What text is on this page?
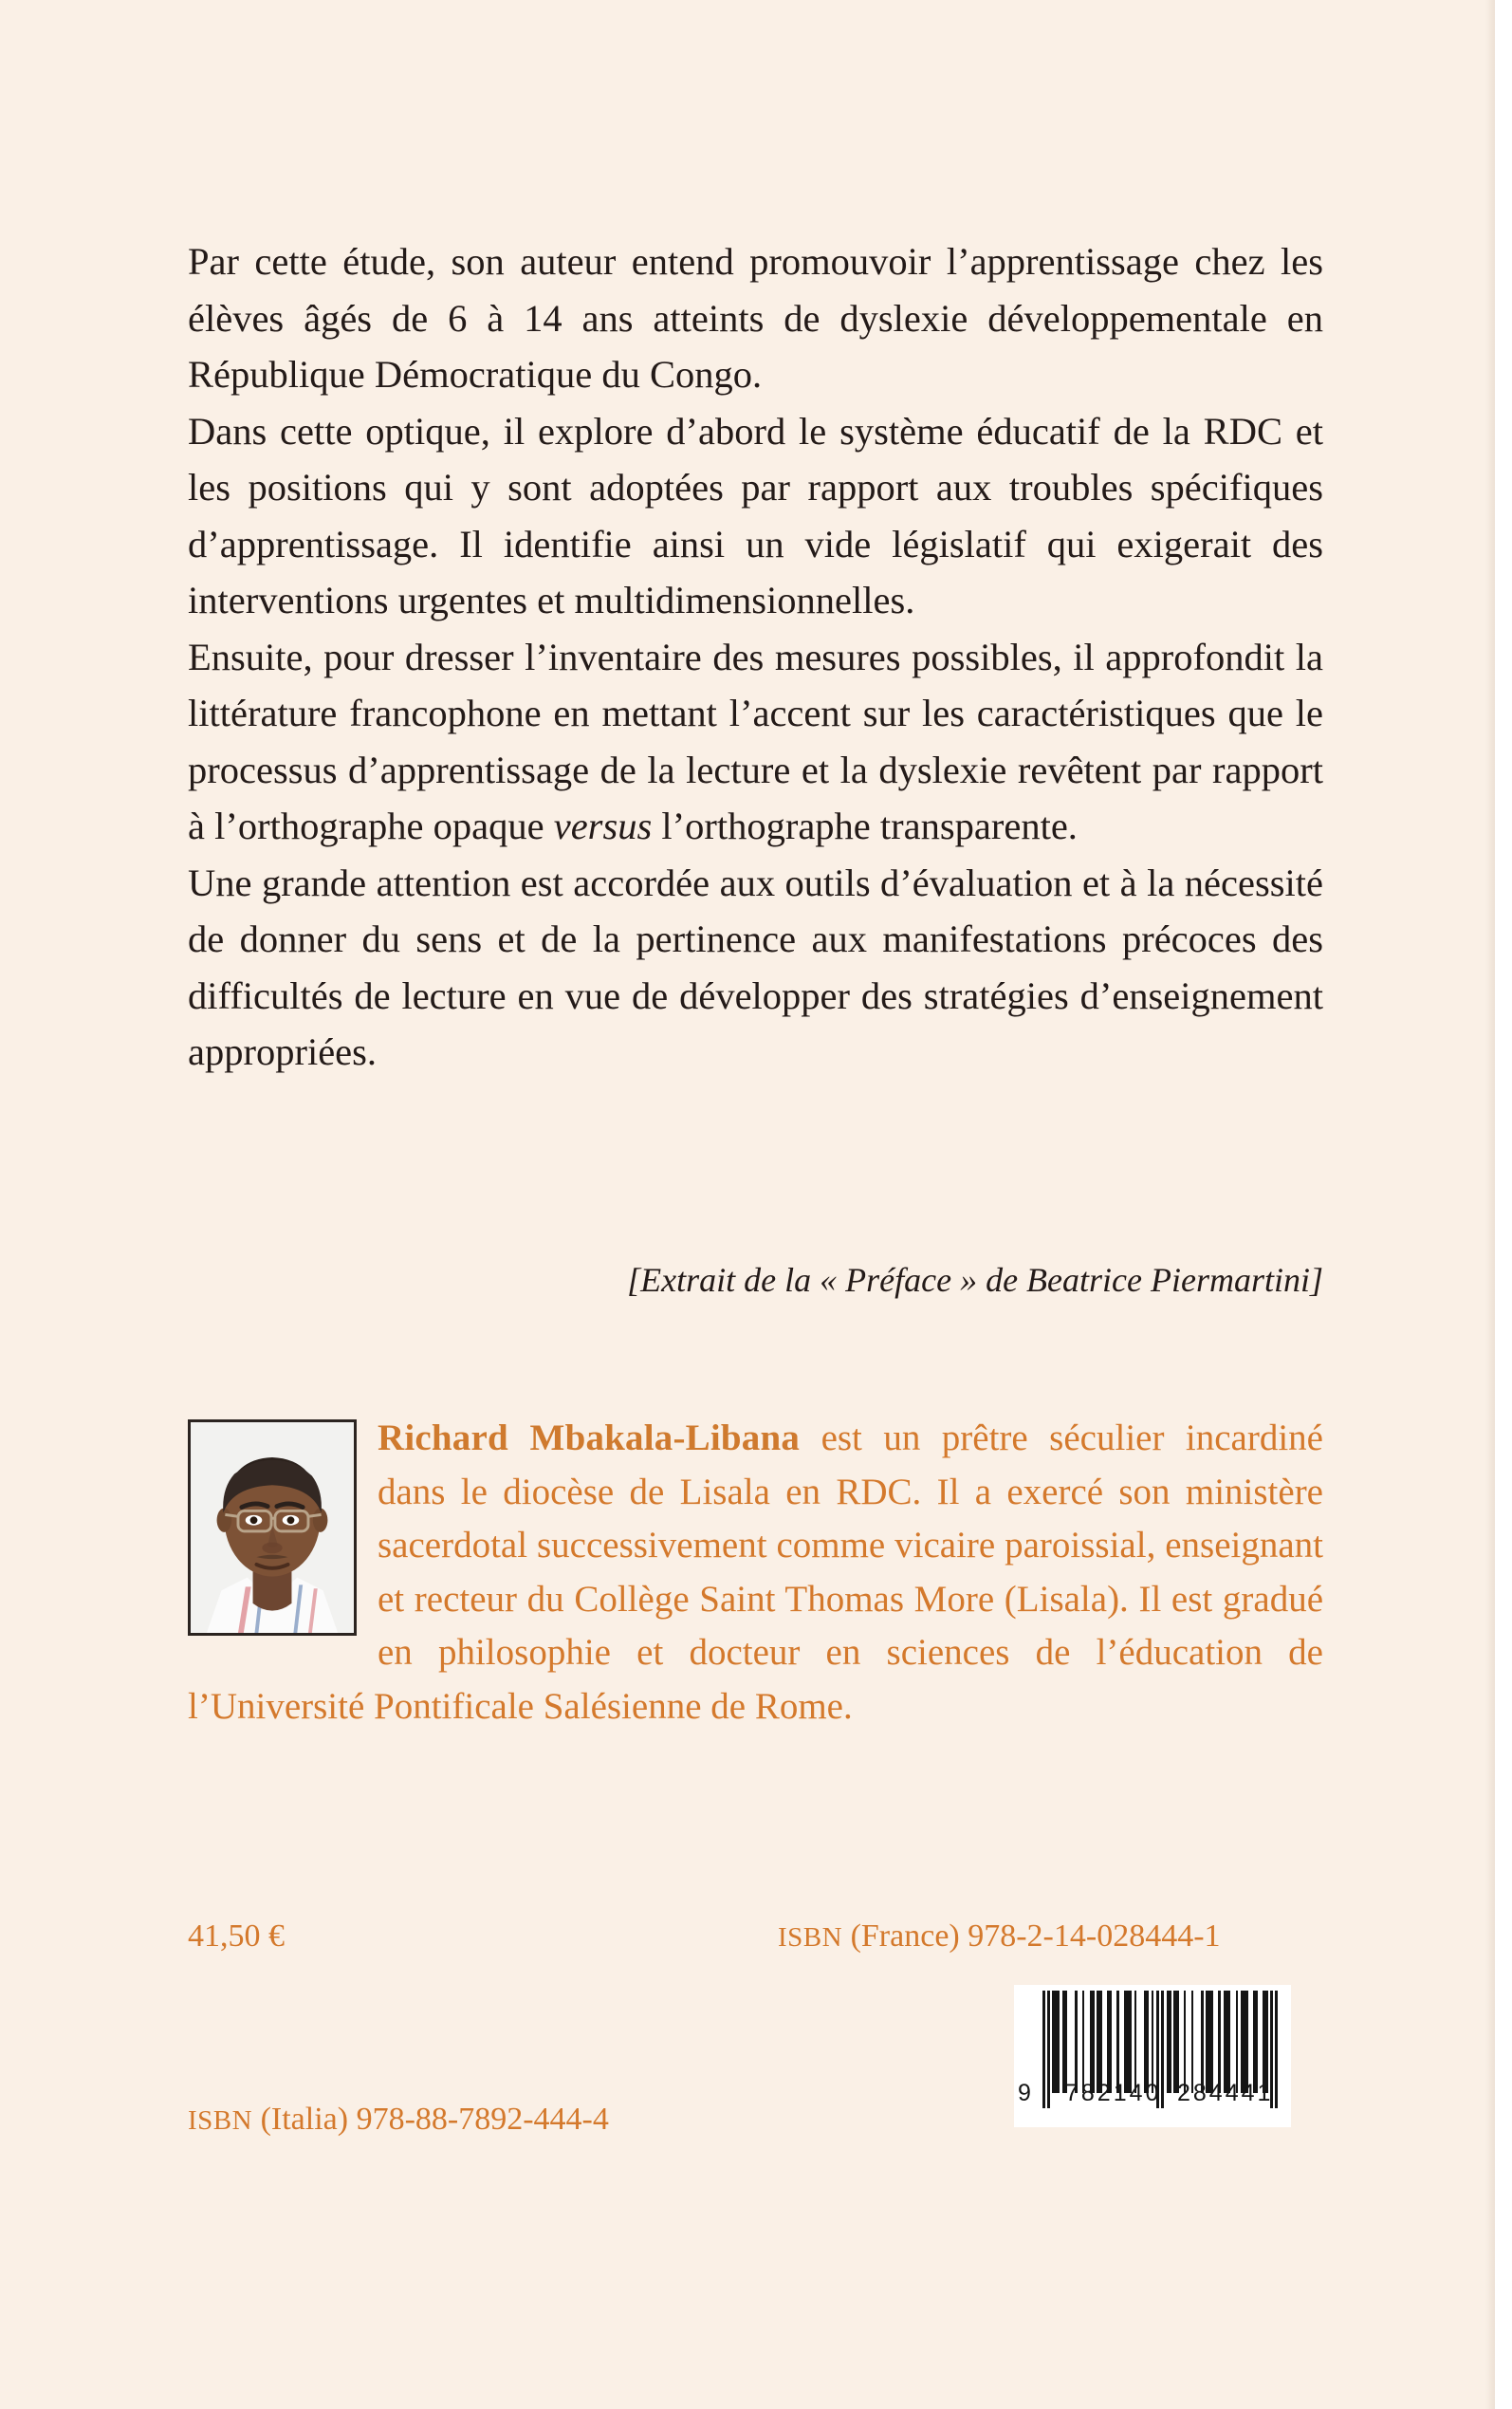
Par cette étude, son auteur entend promouvoir l’apprentissage chez les élèves âgés de 6 à 14 ans atteints de dyslexie développementale en République Démocratique du Congo.

Dans cette optique, il explore d’abord le système éducatif de la RDC et les positions qui y sont adoptées par rapport aux troubles spécifiques d’apprentissage. Il identifie ainsi un vide législatif qui exigerait des interventions urgentes et multidimensionnelles.

Ensuite, pour dresser l’inventaire des mesures possibles, il approfondit la littérature francophone en mettant l’accent sur les caractéristiques que le processus d’apprentissage de la lecture et la dyslexie revêtent par rapport à l’orthographe opaque versus l’orthographe transparente.

Une grande attention est accordée aux outils d’évaluation et à la nécessité de donner du sens et de la pertinence aux manifestations précoces des difficultés de lecture en vue de développer des stratégies d’enseignement appropriées.

[Extrait de la « Préface » de Beatrice Piermartini]
Richard Mbakala-Libana est un prêtre séculier incardiné dans le diocèse de Lisala en RDC. Il a exercé son ministère sacerdotal successivement comme vicaire paroissial, enseignant et recteur du Collège Saint Thomas More (Lisala). Il est gradué en philosophie et docteur en sciences de l’éducation de l’Université Pontificale Salésienne de Rome.
41,50 €	ISBN (France) 978-2-14-028444-1
ISBN (Italia) 978-88-7892-444-4
9 782140 284441
